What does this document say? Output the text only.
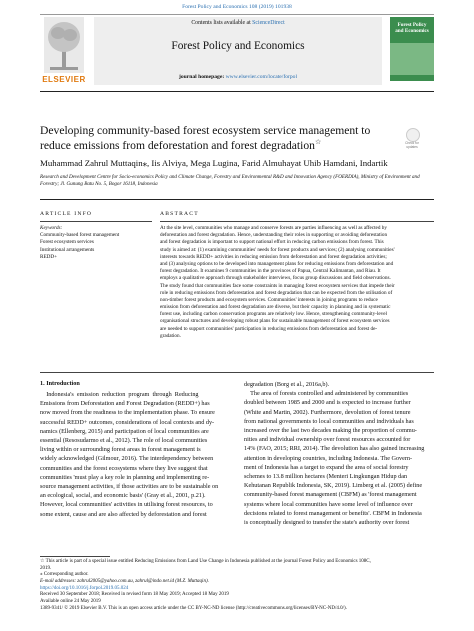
Forest Policy and Economics 108 (2019) 101938
ELSEVIER
Contents lists available at ScienceDirect
Forest Policy and Economics
journal homepage: www.elsevier.com/locate/forpol
Forest Policy and Economics
Developing community-based forest ecosystem service management to reduce emissions from deforestation and forest degradation☆	Check for updates
Muhammad Zahrul Muttaqin⁎, Iis Alviya, Mega Lugina, Farid Almuhayat Uhib Hamdani, Indartik
Research and Development Centre for Socio-economics Policy and Climate Change, Forestry and Environmental R&D and Innovation Agency (FOERDIA), Ministry of Environment and Forestry; Jl. Gunung Batu No. 5, Bogor 16118, Indonesia
ARTICLE INFO	ABSTRACT
Keywords:
Community-based forest management
Forest ecosystem services
Institutional arrangements
REDD+
At the site level, communities who manage and conserve forests are parties influencing as well as affected by
deforestation and forest degradation. Hence, understanding their roles in supporting or avoiding deforestation
and forest degradation is important to support national effort in reducing carbon emissions from forest. This
study is aimed at: (1) examining communities' needs for forest products and services; (2) analysing communities'
interests towards REDD+ activities in reducing emission from deforestation and forest degradation activities;
and (3) analysing options to be developed into management plans for reducing emissions from deforestation and
forest degradation. It examines 9 communities in the provinces of Papua, Central Kalimantan, and Riau. It
employs a qualitative approach through stakeholder interviews, focus group discussions and field observations.
The study found that communities face some constraints in managing forest ecosystem services that impede their
role in reducing emissions from deforestation and forest degradation that can be expected from the utilisation of
non-timber forest products and ecosystem services. Communities' interests in joining programs to reduce
emission from deforestation and forest degradation are diverse, but their capacity in planning and in systematic
forest use, including carbon conservation programs are relatively low. Hence, strengthening community-level
organisational structures and developing robust plans for sustainable management of forest ecosystem services
are needed to support communities' participation in reducing emissions from deforestation and forest de-
gradation.
1. Introduction
Indonesia's  emission  reduction  program  through  Reducing
Emissions from Deforestation and Forest Degradation (REDD+) has
now moved from the readiness to the implementation phase. To ensure
successful REDD+ outcomes, considerations of local contexts and dy-
namics (Ellenberg, 2015) and participation of local communities are
essential (Resosudarmo et al., 2012). The role of local communities
living within or surrounding forest areas in forest management is
widely acknowledged (Gilmour, 2016). The interdependency between
communities and the forest ecosystems where they live suggest that
communities 'must play a key role in planning and implementing re-
source management activities, if those activities are to be sustainable on
an ecological, social, and economic basis' (Gray et al., 2001, p.21).
However, local communities' activities in utilising forest resources, to
some extent, cause and are also affected by deforestation and forest
degradation (Borg et al., 2016a,b).
The area of forests controlled and administered by communities
doubled between 1985 and 2000 and is expected to increase further
(White and Martin, 2002). Furthermore, devolution of forest tenure
from national governments to local communities and individuals has
increased over the last two decades making the proportion of commu-
nities and individual ownership over forest resources accounted for
14% (FAO, 2015; RRI, 2014). The devolution has also gained increasing
attention in developing countries, including Indonesia. The Govern-
ment of Indonesia has a target to expand the area of social forestry
schemes to 13.8 million hectares (Menteri Lingkungan Hidup dan
Kehutanan Republik Indonesia, SK, 2019). Limberg et al. (2005) define
community-based forest management (CBFM) as 'forest management
systems where local communities have some level of influence over
decisions related to forest management or benefits'. CBFM in Indonesia
is conceptually designed to transfer the state's authority over forest
☆ This article is part of a special issue entitled Reducing Emissions from Land Use Change in Indonesia published at the journal Forest Policy and Economics 108C,
2019.
⁎ Corresponding author.
E-mail addresses: zahrul2005@yahoo.com.au, zahrul@indo.net.id (M.Z. Muttaqin).
https://doi.org/10.1016/j.forpol.2019.05.024
Received 30 September 2018; Received in revised form 18 May 2019; Accepted 18 May 2019
Available online 24 May 2019
1389-9341/ © 2019 Elsevier B.V. This is an open access article under the CC BY-NC-ND license (http://creativecommons.org/licenses/BY-NC-ND/4.0/).
